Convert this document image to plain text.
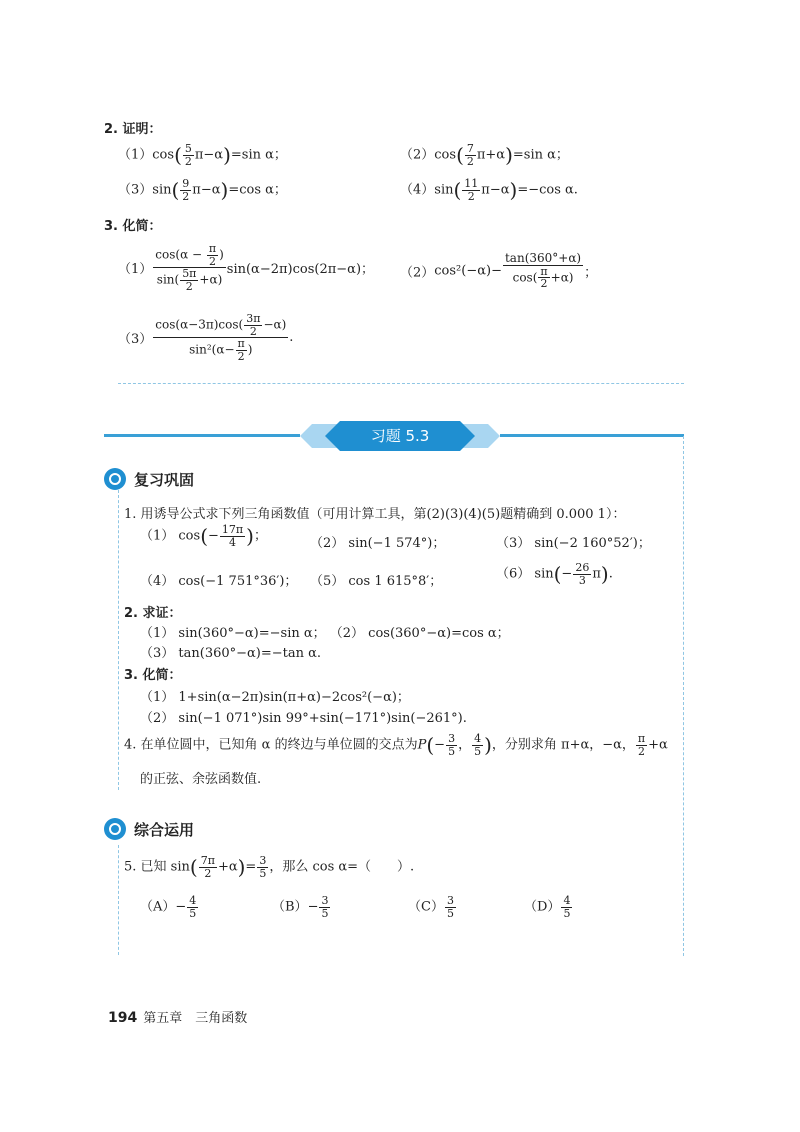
2. 证明：
$(1)\cos( \frac{5}{2} \pi-\alpha)=\sin$ α；	$(2)\cos( \frac{7}{2} \pi+\alpha)=\sin$ α；
$(3)\sin( \frac{9}{2} \pi-\alpha)=\cos$ α；	$(4)\sin( \frac{11}{2} \pi-\alpha)=-\cos$ α.
3. 化简：
$(1) \frac{\cos(\alpha - \frac{\pi}{2} )}{\sin( \frac{5\pi}{2} +\alpha)} \sin(\alpha-2\pi)\cos(2\pi-\alpha)$； $(2)\cos^2(-\alpha)- \frac{\tan(360^\circ+\alpha)}{\cos( \frac{\pi}{2} +\alpha)}$ ；
$(3) \frac{\cos(\alpha-3\pi)\cos( \frac{3\pi}{2} -\alpha)}{\sin^2(\alpha- \frac{\pi}{2} )}$ .
习题 5.3
复习巩固
1. 用诱导公式求下列三角函数值（可用计算工具，第(2)(3)(4)(5)题精确到 0.000 1）：
（1） $\cos(- \frac{17\pi}{4}$ )；	（2） sin(−1 574°)；	（3） sin(−2 160°52′)；
（4） cos(−1 751°36′)； （5） cos 1 615°8′；	（6） $\sin(- \frac{26}{3} \pi)$.
2. 求证：
（1） sin(360°−α)=−sin α； （2） cos(360°−α)=cos α；
（3） tan(360°−α)=−tan α.
3. 化简：
（1） 1+sin(α−2π)sin(π+α)−2cos²(−α)；
（2） sin(−1 071°)sin 99°+sin(−171°)sin(−261°).
4. 在单位圆中，已知角 α 的终边与单位圆的交点为$P(- \frac{3}{5}$ ， $\frac{4}{5}$ )，分别求角 π+α，−α， $\frac{\pi}{2} +\alpha$
的正弦、余弦函数值.
综合运用
5. 已知 $\sin( \frac{7\pi}{2} +\alpha)= \frac{3}{5}$ ，那么 cos α=（　　）.
$(A)- \frac{4}{5}$	$(B)- \frac{3}{5}$	$(C) \frac{3}{5}$	$(D) \frac{4}{5}$
194 第五章　三角函数
